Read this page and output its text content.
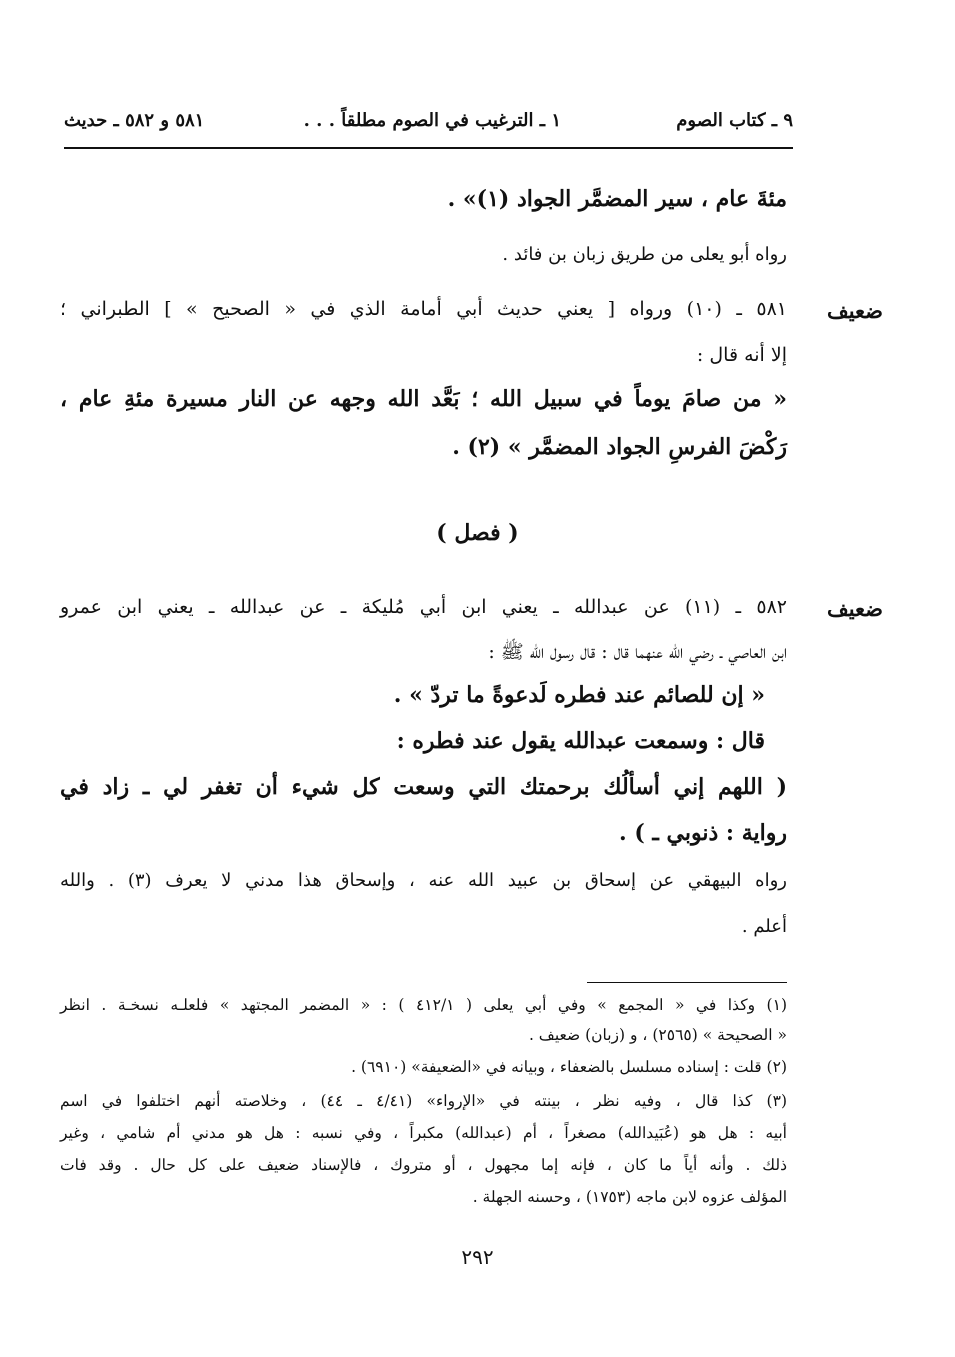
٩ ـ كتاب الصوم
١ ـ الترغيب في الصوم مطلقاً . . .
٥٨١ و ٥٨٢ ـ حديث
مئةَ عام ، سير المضمَّر الجواد (١)» .
رواه أبو يعلى من طريق زبان بن فائد .
ضعيف
٥٨١ ـ (١٠) ورواه [ يعني حديث أبي أمامة الذي في « الصحيح » ] الطبراني ؛
إلا أنه قال :
« من صامَ يوماً في سبيل الله ؛ بَعَّد الله وجهه عن النار مسيرة مئةِ عام ،
رَكْضَ الفرسِ الجواد المضمَّر » (٢) .
( فصل )
ضعيف
٥٨٢ ـ (١١) عن عبدالله ـ يعني ابن أبي مُليكة ـ عن عبدالله ـ يعني ابن عمرو
ابن العاصي ـ رضي الله عنهما قال : قال رسول الله ﷺ :
« إن للصائم عند فطره لَدعوةً ما تردّ » .
قال : وسمعت عبدالله يقول عند فطره :
( اللهم إني أسألُك برحمتك التي وسعت كل شيء أن تغفر لي ـ زاد في
رواية : ذنوبي ـ ) .
رواه البيهقي عن إسحاق بن عبيد الله عنه ، وإسحاق هذا مدني لا يعرف (٣) . والله
أعلم .
(١) وكذا في « المجمع » وفي أبي يعلى ( ٤١٢/١ ) : « المضمر المجتهد » فلعلـه نسخـة . انظر
« الصحيحة » (٢٥٦٥) ، و (زبان) ضعيف .
(٢) قلت : إسناده مسلسل بالضعفاء ، وبيانه في «الضعيفة» (٦٩١٠) .
(٣) كذا قال ، وفيه نظر ، بينته في «الإرواء» (٤/٤١ ـ ٤٤) ، وخلاصته أنهم اختلفوا في اسم
أبيه : هل هو (عُبَيدالله) مصغراً ، أم (عبدالله) مكبراً ، وفي نسبه : هل هو مدني أم شامي ، وغير
ذلك . وأنه أياً ما كان ، فإنه إما مجهول ، أو متروك ، فالإسناد ضعيف على كل حال . وقد فات
المؤلف عزوه لابن ماجه (١٧٥٣) ، وحسنه الجهلة .
٢٩٢
